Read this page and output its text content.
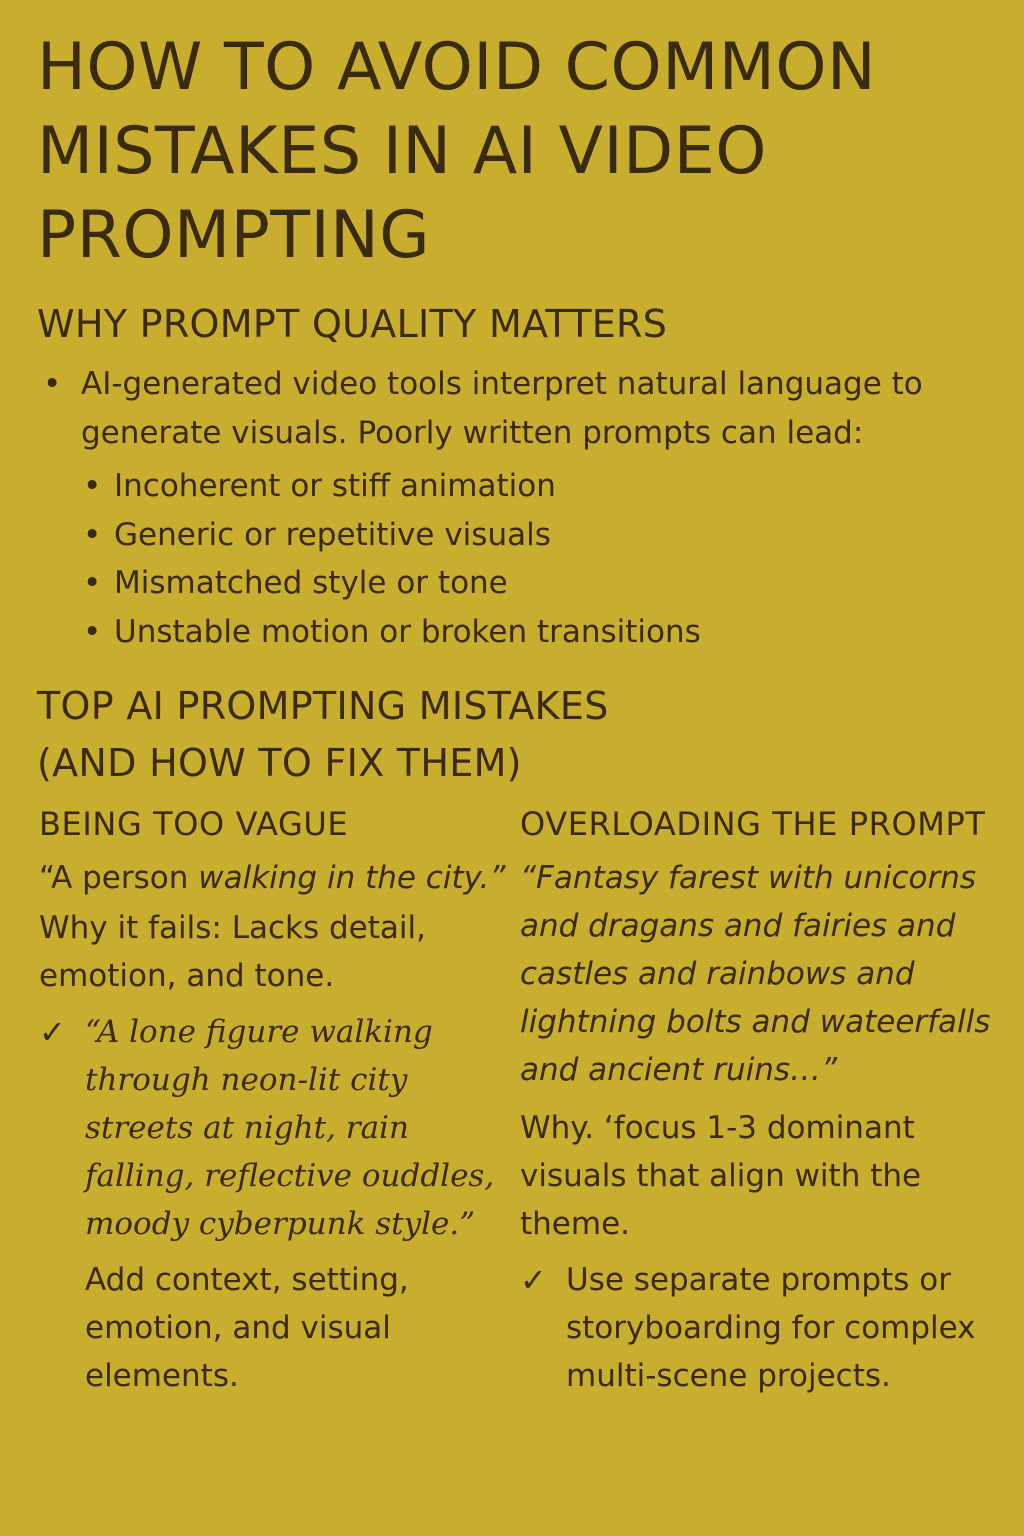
HOW TO AVOID COMMON
MISTAKES IN AI VIDEO
PROMPTING
WHY PROMPT QUALITY MATTERS
• AI-generated video tools interpret natural language to generate visuals. Poorly written prompts can lead:
• Incoherent or stiff animation
• Generic or repetitive visuals
• Mismatched style or tone
• Unstable motion or broken transitions
TOP AI PROMPTING MISTAKES
(AND HOW TO FIX THEM)
BEING TOO VAGUE

“A person walking in the city.”

Why it fails: Lacks detail, emotion, and tone.

✓ “A lone figure walking through neon-lit city streets at night, rain falling, reflective ouddles, moody cyberpunk style.”
Add context, setting, emotion, and visual elements.
OVERLOADING THE PROMPT

“Fantasy farest with unicorns and dragans and fairies and castles and rainbows and lightning bolts and wateerfalls and ancient ruins…”

Why. ‘focus 1-3 dominant visuals that align with the theme.

✓ Use separate prompts or storyboarding for complex multi-scene projects.
